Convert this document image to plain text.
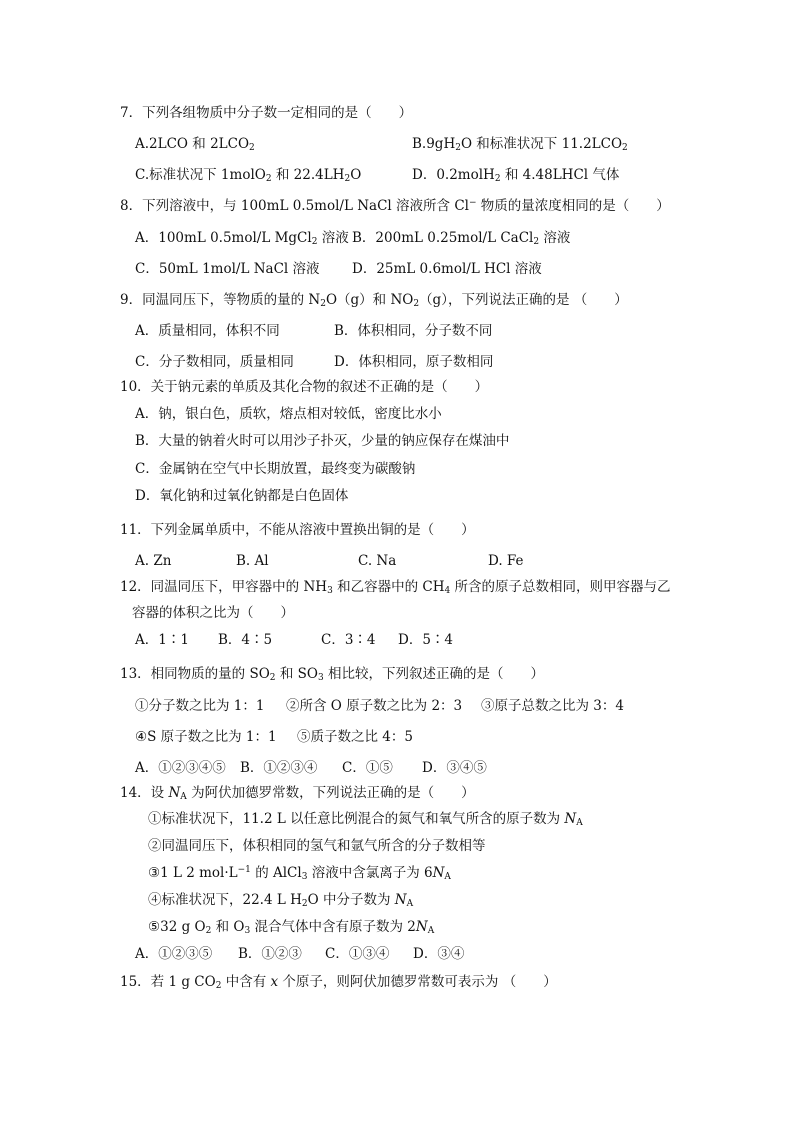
7．下列各组物质中分子数一定相同的是（　　）
A.2LCO 和 $2LCO_2$	$B.9gH_2O$ 和标准状况下 $11.2LCO_2$
C.标准状况下 1molO$_2$ 和 $22.4LH_2O$	D．0.2molH$_2$ 和 4.48LHCl 气体
8．下列溶液中，与 100mL 0.5mol/L NaCl 溶液所含 Cl− 物质的量浓度相同的是（　　）
A．100mL 0.5mol/L MgCl$_2$ 溶液 B．200mL 0.25mol/L CaCl$_2$ 溶液
C．50mL 1mol/L NaCl 溶液 D．25mL 0.6mol/L HCl 溶液
9．同温同压下，等物质的量的 $N_2O(g)$和 $NO_2(g)$，下列说法正确的是 （　　）
A．质量相同，体积不同	B．体积相同，分子数不同
C．分子数相同，质量相同	D．体积相同，原子数相同
10．关于钠元素的单质及其化合物的叙述不正确的是（　　）
A．钠，银白色，质软，熔点相对较低，密度比水小
B．大量的钠着火时可以用沙子扑灭，少量的钠应保存在煤油中
C．金属钠在空气中长期放置，最终变为碳酸钠
D．氧化钠和过氧化钠都是白色固体
11．下列金属单质中，不能从溶液中置换出铜的是（　　）
A. Zn	B. Al	C. Na	D. Fe
12．同温同压下，甲容器中的 $NH_3$ 和乙容器中的 $CH_4$ 所含的原子总数相同，则甲容器与乙
容器的体积之比为（　　）
A．1∶1 B．4∶5	C．3∶4 D．5∶4
13．相同物质的量的 $SO_2$ 和 $SO_3$ 相比较，下列叙述正确的是（　　）
①分子数之比为 1：1 ②所含 O 原子数之比为 2：3 ③原子总数之比为 3：4
④S 原子数之比为 1：1 ⑤质子数之比 4：5
A．①②③④⑤ B．①②③④ C．①⑤ D．③④⑤
14．设 $N_A$ 为阿伏加德罗常数，下列说法正确的是（　　）
①标准状况下，11.2 L 以任意比例混合的氮气和氧气所含的原子数为 $N_A$
②同温同压下，体积相同的氢气和氩气所含的分子数相等
③1 L 2 $mol\cdot L^{-1}$ 的 AlCl$_3$ 溶液中含氯离子为 $6N_A$
④标准状况下，22.4 L $H_2O$ 中分子数为 $N_A$
⑤32 g $O_2$ 和 $O_3$ 混合气体中含有原子数为 $2N_A$
A．①②③⑤ B．①②③ C．①③④ D．③④
15．若 1 g $CO_2$ 中含有 x 个原子，则阿伏加德罗常数可表示为 （　　）
